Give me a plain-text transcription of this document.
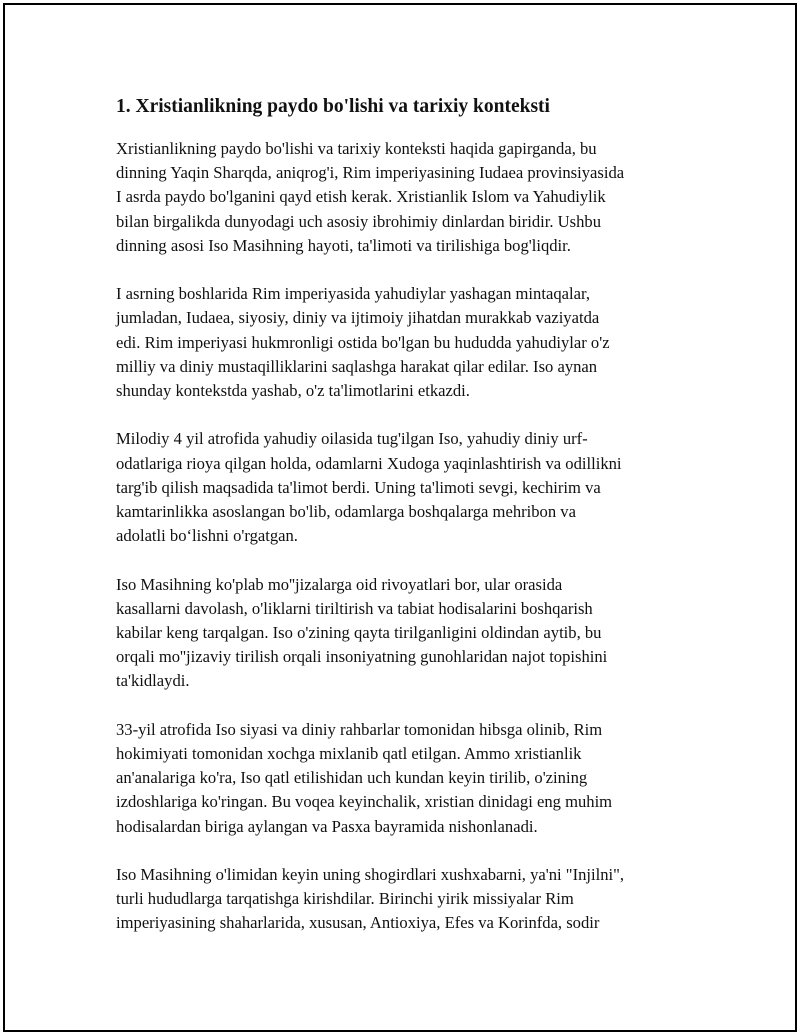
1. Xristianlikning paydo bo'lishi va tarixiy konteksti

Xristianlikning paydo bo'lishi va tarixiy konteksti haqida gapirganda, bu
dinning Yaqin Sharqda, aniqrog'i, Rim imperiyasining Iudaea provinsiyasida
I asrda paydo bo'lganini qayd etish kerak. Xristianlik Islom va Yahudiylik
bilan birgalikda dunyodagi uch asosiy ibrohimiy dinlardan biridir. Ushbu
dinning asosi Iso Masihning hayoti, ta'limoti va tirilishiga bog'liqdir.

I asrning boshlarida Rim imperiyasida yahudiylar yashagan mintaqalar,
jumladan, Iudaea, siyosiy, diniy va ijtimoiy jihatdan murakkab vaziyatda
edi. Rim imperiyasi hukmronligi ostida bo'lgan bu hududda yahudiylar o'z
milliy va diniy mustaqilliklarini saqlashga harakat qilar edilar. Iso aynan
shunday kontekstda yashab, o'z ta'limotlarini etkazdi.

Milodiy 4 yil atrofida yahudiy oilasida tug'ilgan Iso, yahudiy diniy urf-
odatlariga rioya qilgan holda, odamlarni Xudoga yaqinlashtirish va odillikni
targ'ib qilish maqsadida ta'limot berdi. Uning ta'limoti sevgi, kechirim va
kamtarinlikka asoslangan bo'lib, odamlarga boshqalarga mehribon va
adolatli bo‘lishni o'rgatgan.

Iso Masihning ko'plab mo''jizalarga oid rivoyatlari bor, ular orasida
kasallarni davolash, o'liklarni tiriltirish va tabiat hodisalarini boshqarish
kabilar keng tarqalgan. Iso o'zining qayta tirilganligini oldindan aytib, bu
orqali mo''jizaviy tirilish orqali insoniyatning gunohlaridan najot topishini
ta'kidlaydi.

33-yil atrofida Iso siyasi va diniy rahbarlar tomonidan hibsga olinib, Rim
hokimiyati tomonidan xochga mixlanib qatl etilgan. Ammo xristianlik
an'analariga ko'ra, Iso qatl etilishidan uch kundan keyin tirilib, o'zining
izdoshlariga ko'ringan. Bu voqea keyinchalik, xristian dinidagi eng muhim
hodisalardan biriga aylangan va Pasxa bayramida nishonlanadi.

Iso Masihning o'limidan keyin uning shogirdlari xushxabarni, ya'ni "Injilni",
turli hududlarga tarqatishga kirishdilar. Birinchi yirik missiyalar Rim
imperiyasining shaharlarida, xususan, Antioxiya, Efes va Korinfda, sodir
